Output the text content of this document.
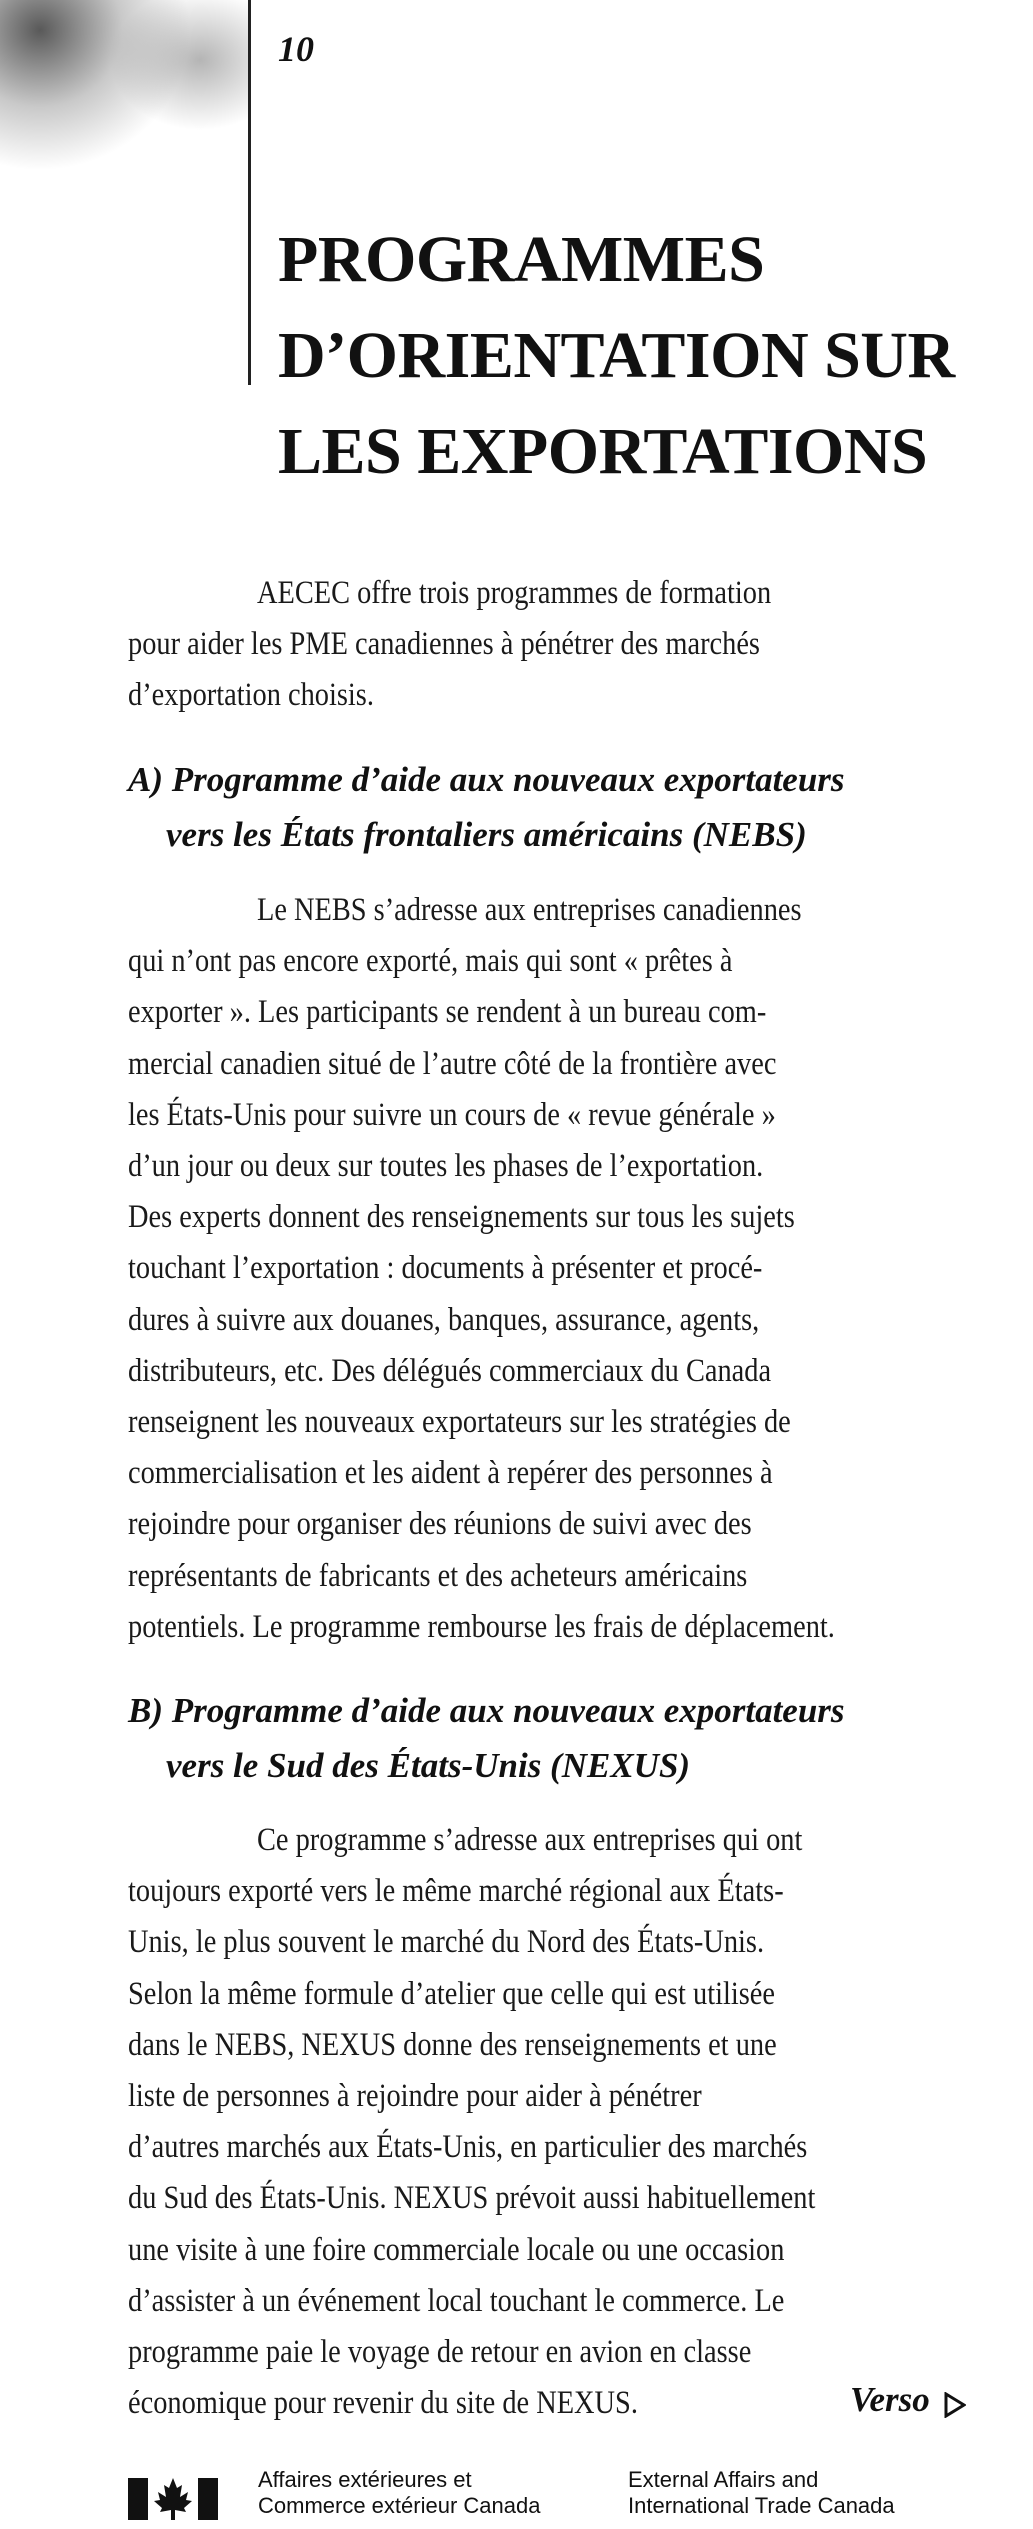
10
PROGRAMMES
D’ORIENTATION SUR
LES EXPORTATIONS

AECEC offre trois programmes de formation
pour aider les PME canadiennes à pénétrer des marchés
d’exportation choisis.

A) Programme d’aide aux nouveaux exportateurs
vers les États frontaliers américains (NEBS)

Le NEBS s’adresse aux entreprises canadiennes
qui n’ont pas encore exporté, mais qui sont « prêtes à
exporter ». Les participants se rendent à un bureau com-
mercial canadien situé de l’autre côté de la frontière avec
les États-Unis pour suivre un cours de « revue générale »
d’un jour ou deux sur toutes les phases de l’exportation.
Des experts donnent des renseignements sur tous les sujets
touchant l’exportation : documents à présenter et procé-
dures à suivre aux douanes, banques, assurance, agents,
distributeurs, etc. Des délégués commerciaux du Canada
renseignent les nouveaux exportateurs sur les stratégies de
commercialisation et les aident à repérer des personnes à
rejoindre pour organiser des réunions de suivi avec des
représentants de fabricants et des acheteurs américains
potentiels. Le programme rembourse les frais de déplacement.

B) Programme d’aide aux nouveaux exportateurs
vers le Sud des États-Unis (NEXUS)

Ce programme s’adresse aux entreprises qui ont
toujours exporté vers le même marché régional aux États-
Unis, le plus souvent le marché du Nord des États-Unis.
Selon la même formule d’atelier que celle qui est utilisée
dans le NEBS, NEXUS donne des renseignements et une
liste de personnes à rejoindre pour aider à pénétrer
d’autres marchés aux États-Unis, en particulier des marchés
du Sud des États-Unis. NEXUS prévoit aussi habituellement
une visite à une foire commerciale locale ou une occasion
d’assister à un événement local touchant le commerce. Le
programme paie le voyage de retour en avion en classe
économique pour revenir du site de NEXUS.	Verso
Affaires extérieures et
Commerce extérieur Canada
External Affairs and
International Trade Canada
